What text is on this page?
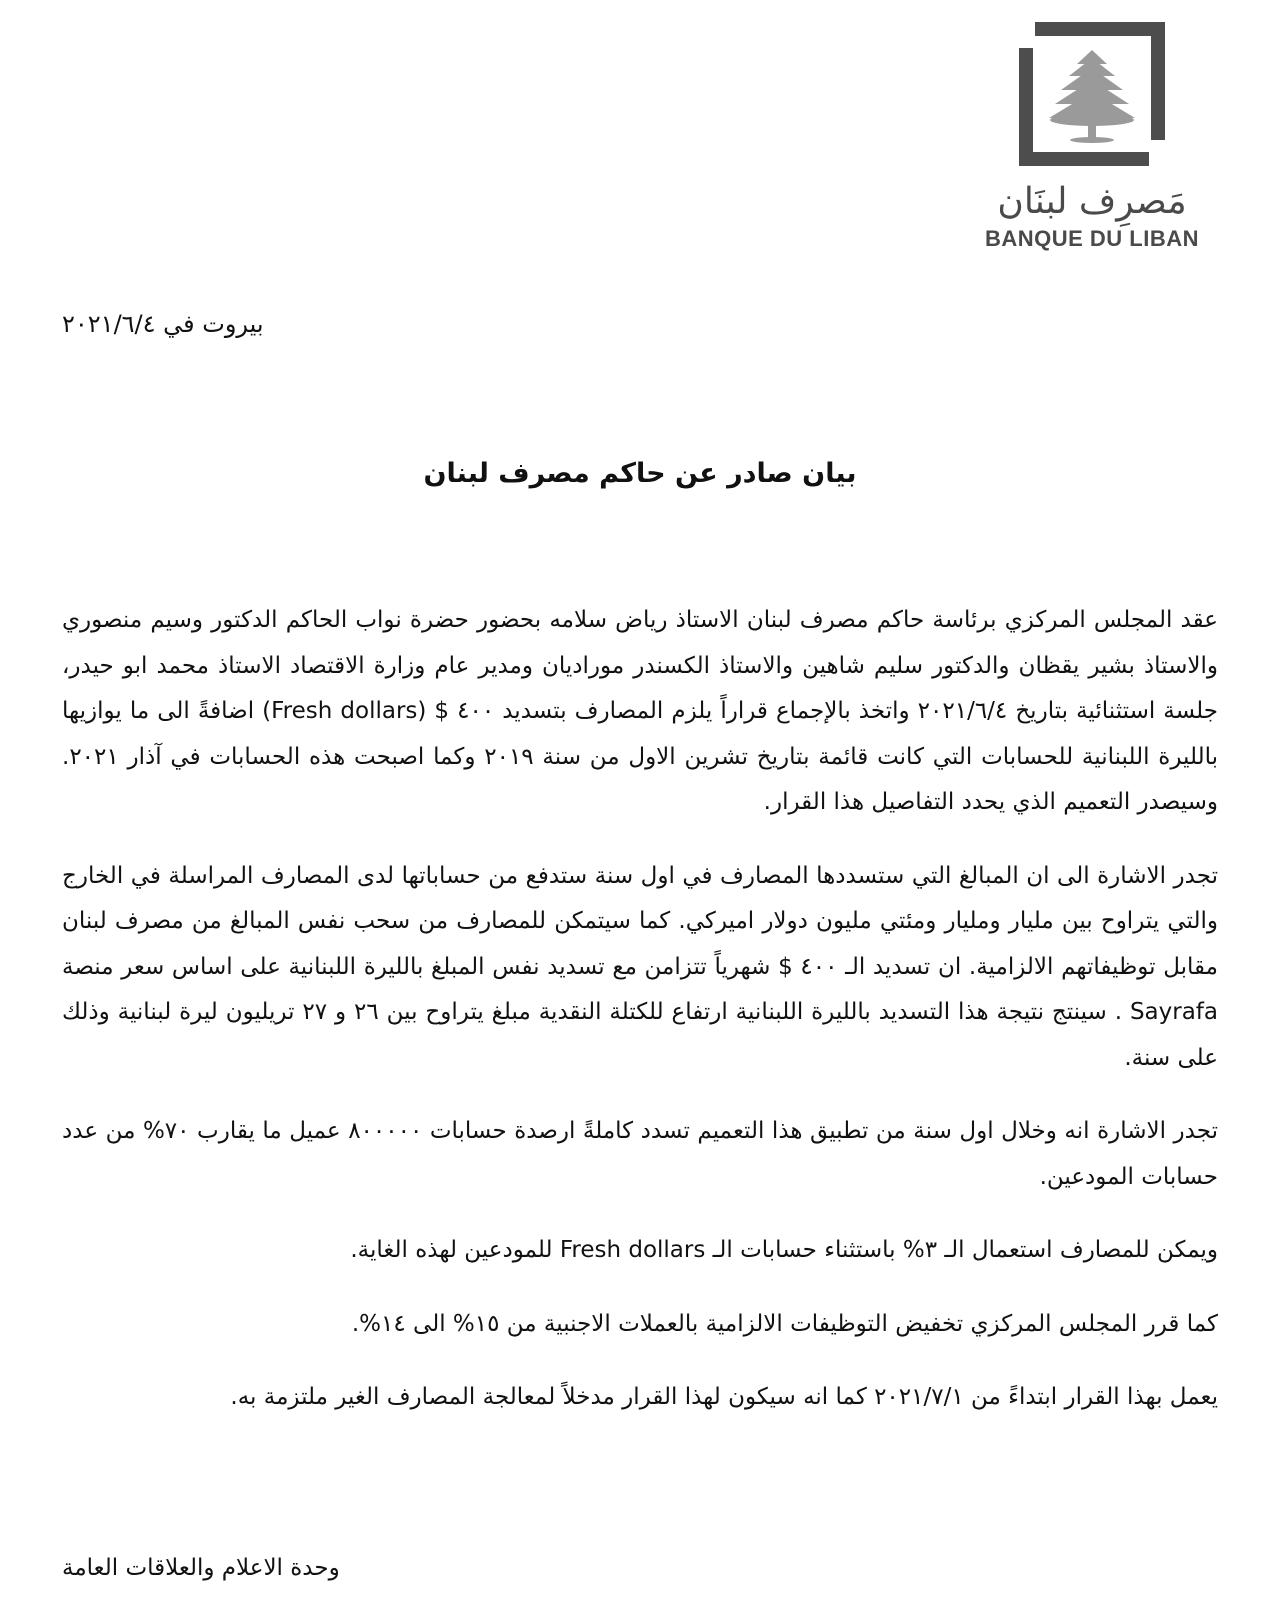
مَصرِف لبنَان
BANQUE DU LIBAN
بيروت في ٢٠٢١/٦/٤
بيان صادر عن حاكم مصرف لبنان

عقد المجلس المركزي برئاسة حاكم مصرف لبنان الاستاذ رياض سلامه بحضور حضرة نواب الحاكم الدكتور وسيم منصوري والاستاذ بشير يقظان والدكتور سليم شاهين والاستاذ الكسندر موراديان ومدير عام وزارة الاقتصاد الاستاذ محمد ابو حيدر، جلسة استثنائية بتاريخ ٢٠٢١/٦/٤ واتخذ بالإجماع قراراً يلزم المصارف بتسديد ٤٠٠ $ (Fresh dollars) اضافةً الى ما يوازيها بالليرة اللبنانية للحسابات التي كانت قائمة بتاريخ تشرين الاول من سنة ٢٠١٩ وكما اصبحت هذه الحسابات في آذار ٢٠٢١. وسيصدر التعميم الذي يحدد التفاصيل هذا القرار.

تجدر الاشارة الى ان المبالغ التي ستسددها المصارف في اول سنة ستدفع من حساباتها لدى المصارف المراسلة في الخارج والتي يتراوح بين مليار ومليار ومئتي مليون دولار اميركي. كما سيتمكن للمصارف من سحب نفس المبالغ من مصرف لبنان مقابل توظيفاتهم الالزامية. ان تسديد الـ ٤٠٠ $ شهرياً تتزامن مع تسديد نفس المبلغ بالليرة اللبنانية على اساس سعر منصة Sayrafa . سينتج نتيجة هذا التسديد بالليرة اللبنانية ارتفاع للكتلة النقدية مبلغ يتراوح بين ٢٦ و ٢٧ تريليون ليرة لبنانية وذلك على سنة.

تجدر الاشارة انه وخلال اول سنة من تطبيق هذا التعميم تسدد كاملةً ارصدة حسابات ٨٠٠٠٠٠ عميل ما يقارب ٧٠% من عدد حسابات المودعين.

ويمكن للمصارف استعمال الـ ٣% باستثناء حسابات الـ Fresh dollars للمودعين لهذه الغاية.

كما قرر المجلس المركزي تخفيض التوظيفات الالزامية بالعملات الاجنبية من ١٥% الى ١٤%.

يعمل بهذا القرار ابتداءً من ٢٠٢١/٧/١ كما انه سيكون لهذا القرار مدخلاً لمعالجة المصارف الغير ملتزمة به.

وحدة الاعلام والعلاقات العامة
